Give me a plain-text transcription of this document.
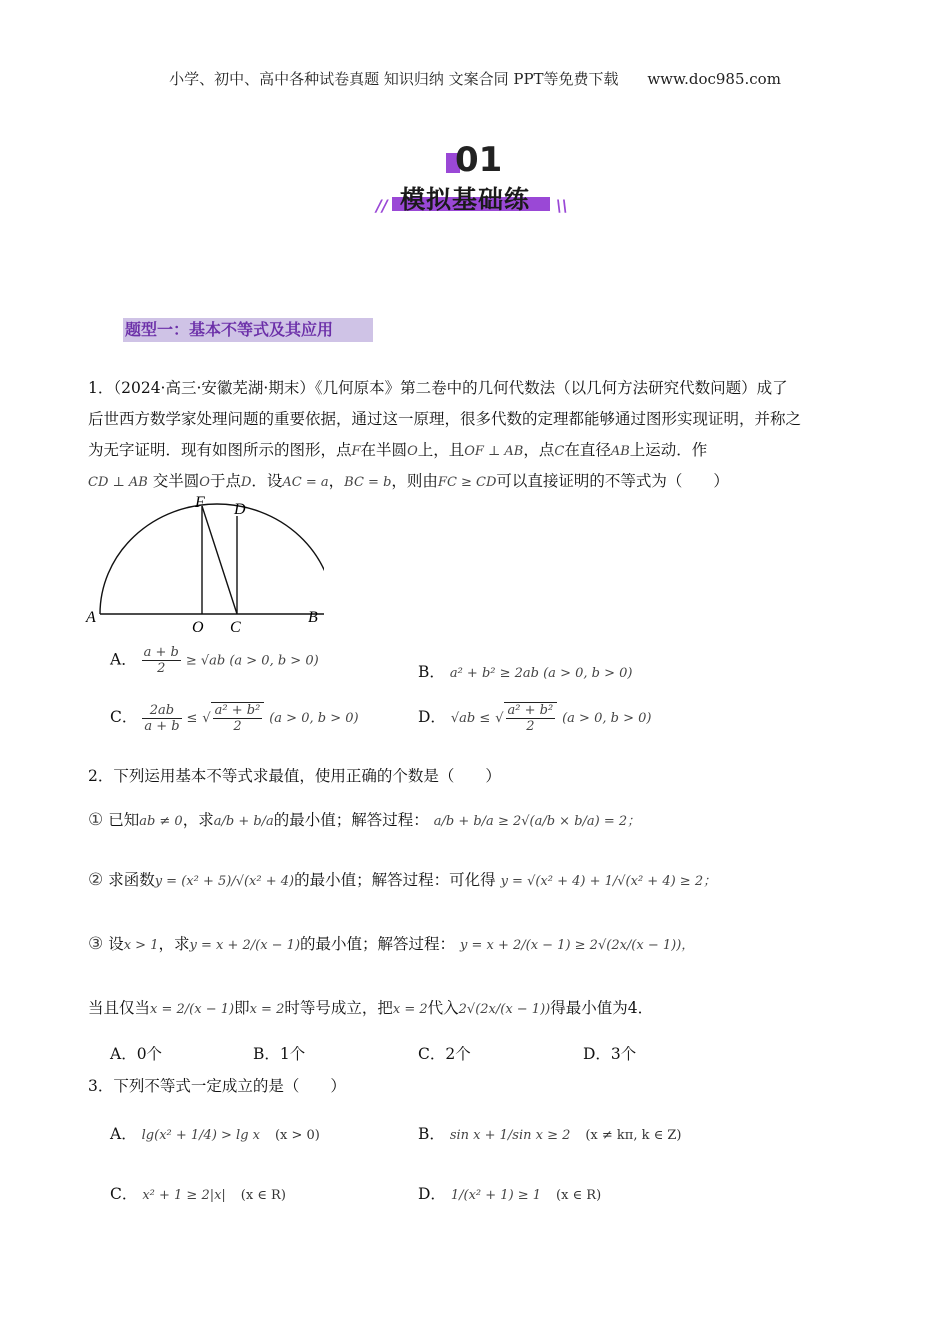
小学、初中、高中各种试卷真题 知识归纳 文案合同 PPT等免费下载 www.doc985.com
01
// 模拟基础练 \\
题型一：基本不等式及其应用
1．（2024·高三·安徽芜湖·期末）《几何原本》第二卷中的几何代数法（以几何方法研究代数问题）成了
后世西方数学家处理问题的重要依据，通过这一原理，很多代数的定理都能够通过图形实现证明，并称之
为无字证明．现有如图所示的图形，点F在半圆O上，且OF ⊥ AB，点C在直径AB上运动．作
CD ⊥ AB 交半圆O于点D．设AC = a，BC = b，则由FC ≥ CD可以直接证明的不等式为（　　）
A	B
O C
F D
A． $\frac{a + b}{2} \ge √ab$ (a > 0, b > 0)
B． a² + b² ≥ 2ab (a > 0, b > 0)
C． $\frac{2ab}{a + b}$ ≤ √ $\frac{\text{a² + b²}}{2} (a > 0$, b > 0)	D． √ab ≤ √ $\frac{\text{a² + b²}}{2} (a > 0$, b > 0)
2．下列运用基本不等式求最值，使用正确的个数是（　　）
① 已知ab ≠ 0，求a/b + b/a的最小值；解答过程： a/b + b/a ≥ 2√(a/b × b/a) = 2；
② 求函数y = (x² + 5)/√(x² + 4)的最小值；解答过程：可化得 y = √(x² + 4) + 1/√(x² + 4) ≥ 2；
③ 设x > 1，求y = x + 2/(x − 1)的最小值；解答过程： y = x + 2/(x − 1) ≥ 2√(2x/(x − 1))，
当且仅当x = 2/(x − 1)即x = 2时等号成立，把x = 2代入2√(2x/(x − 1))得最小值为4．
A．0个	B．1个	C．2个	D．3个
3．下列不等式一定成立的是（　　）
A． lg(x² + 1/4) > lg x (x > 0)	B． sin x + 1/sin x ≥ 2 (x ≠ kπ, k ∈ Z)
C． x² + 1 ≥ 2|x| (x ∈ R)	D． 1/(x² + 1) ≥ 1 (x ∈ R)
